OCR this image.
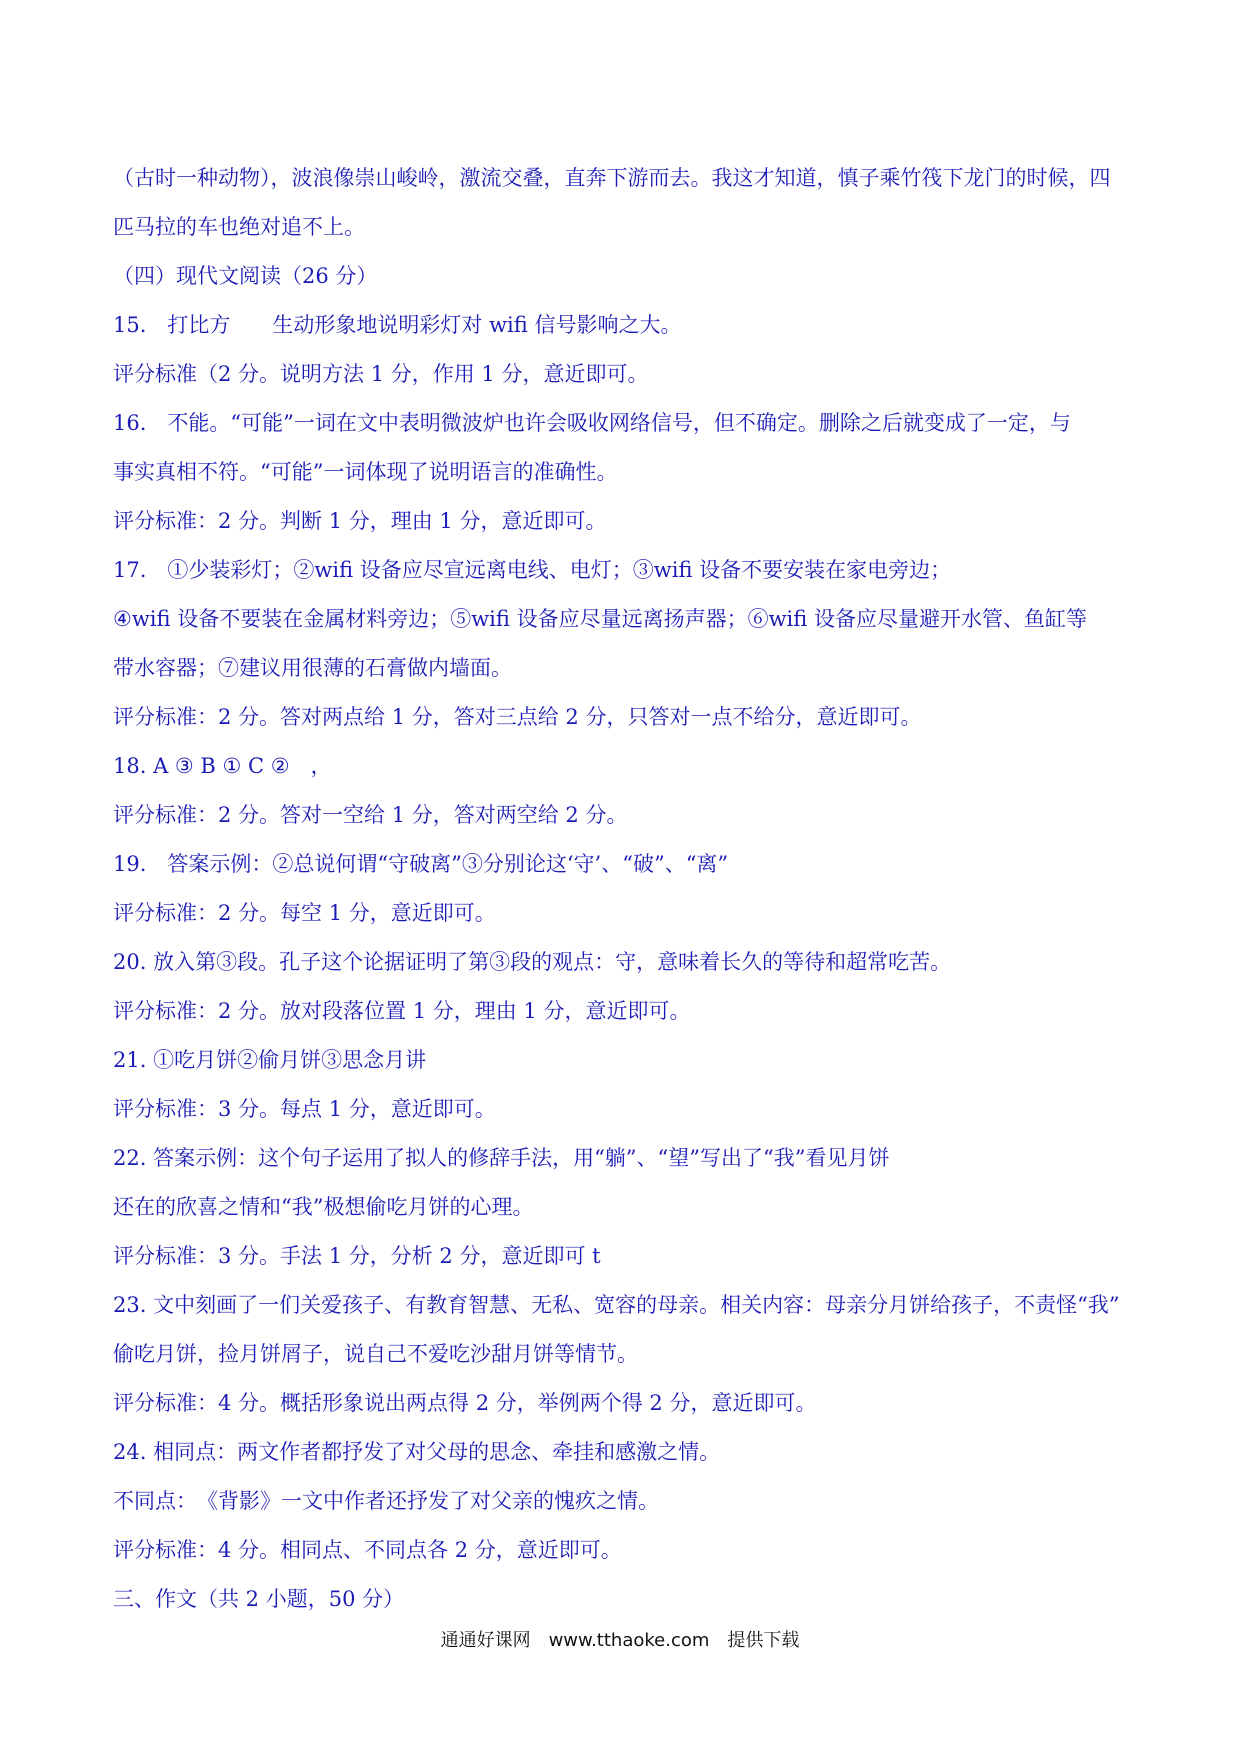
（古时一种动物），波浪像崇山峻岭，激流交叠，直奔下游而去。我这才知道，慎子乘竹筏下龙门的时候，四
匹马拉的车也绝对追不上。
（四）现代文阅读（26 分）
15.　打比方　　生动形象地说明彩灯对 wifi 信号影响之大。
评分标准（2 分。说明方法 1 分，作用 1 分，意近即可。
16.　不能。“可能”一词在文中表明微波炉也许会吸收网络信号，但不确定。删除之后就变成了一定，与
事实真相不符。“可能”一词体现了说明语言的准确性。
评分标准：2 分。判断 1 分，理由 1 分，意近即可。
17.　①少装彩灯；②wifi 设备应尽宣远离电线、电灯；③wifi 设备不要安装在家电旁边；
④wifi 设备不要装在金属材料旁边；⑤wifi 设备应尽量远离扬声器；⑥wifi 设备应尽量避开水管、鱼缸等
带水容器；⑦建议用很薄的石膏做内墙面。
评分标准：2 分。答对两点给 1 分，答对三点给 2 分，只答对一点不给分，意近即可。
18. A ③ B ① C ②　，
评分标准：2 分。答对一空给 1 分，答对两空给 2 分。
19.　答案示例：②总说何谓“守破离”③分别论这‘守’、“破”、“离”
评分标准：2 分。每空 1 分，意近即可。
20. 放入第③段。孔子这个论据证明了第③段的观点：守，意味着长久的等待和超常吃苦。
评分标准：2 分。放对段落位置 1 分，理由 1 分，意近即可。
21. ①吃月饼②偷月饼③思念月讲
评分标准：3 分。每点 1 分，意近即可。
22. 答案示例：这个句子运用了拟人的修辞手法，用“躺”、“望”写出了“我”看见月饼
还在的欣喜之情和“我”极想偷吃月饼的心理。
评分标准：3 分。手法 1 分，分析 2 分，意近即可 t
23. 文中刻画了一们关爱孩子、有教育智慧、无私、宽容的母亲。相关内容：母亲分月饼给孩子，不责怪“我”
偷吃月饼，捡月饼屑子，说自己不爱吃沙甜月饼等情节。
评分标准：4 分。概括形象说出两点得 2 分，举例两个得 2 分，意近即可。
24. 相同点：两文作者都抒发了对父母的思念、牵挂和感激之情。
不同点：　《背影》一文中作者还抒发了对父亲的愧疚之情。
评分标准：4 分。相同点、不同点各 2 分，意近即可。
三、作文（共 2 小题，50 分）
通通好课网　www.tthaoke.com　提供下载
